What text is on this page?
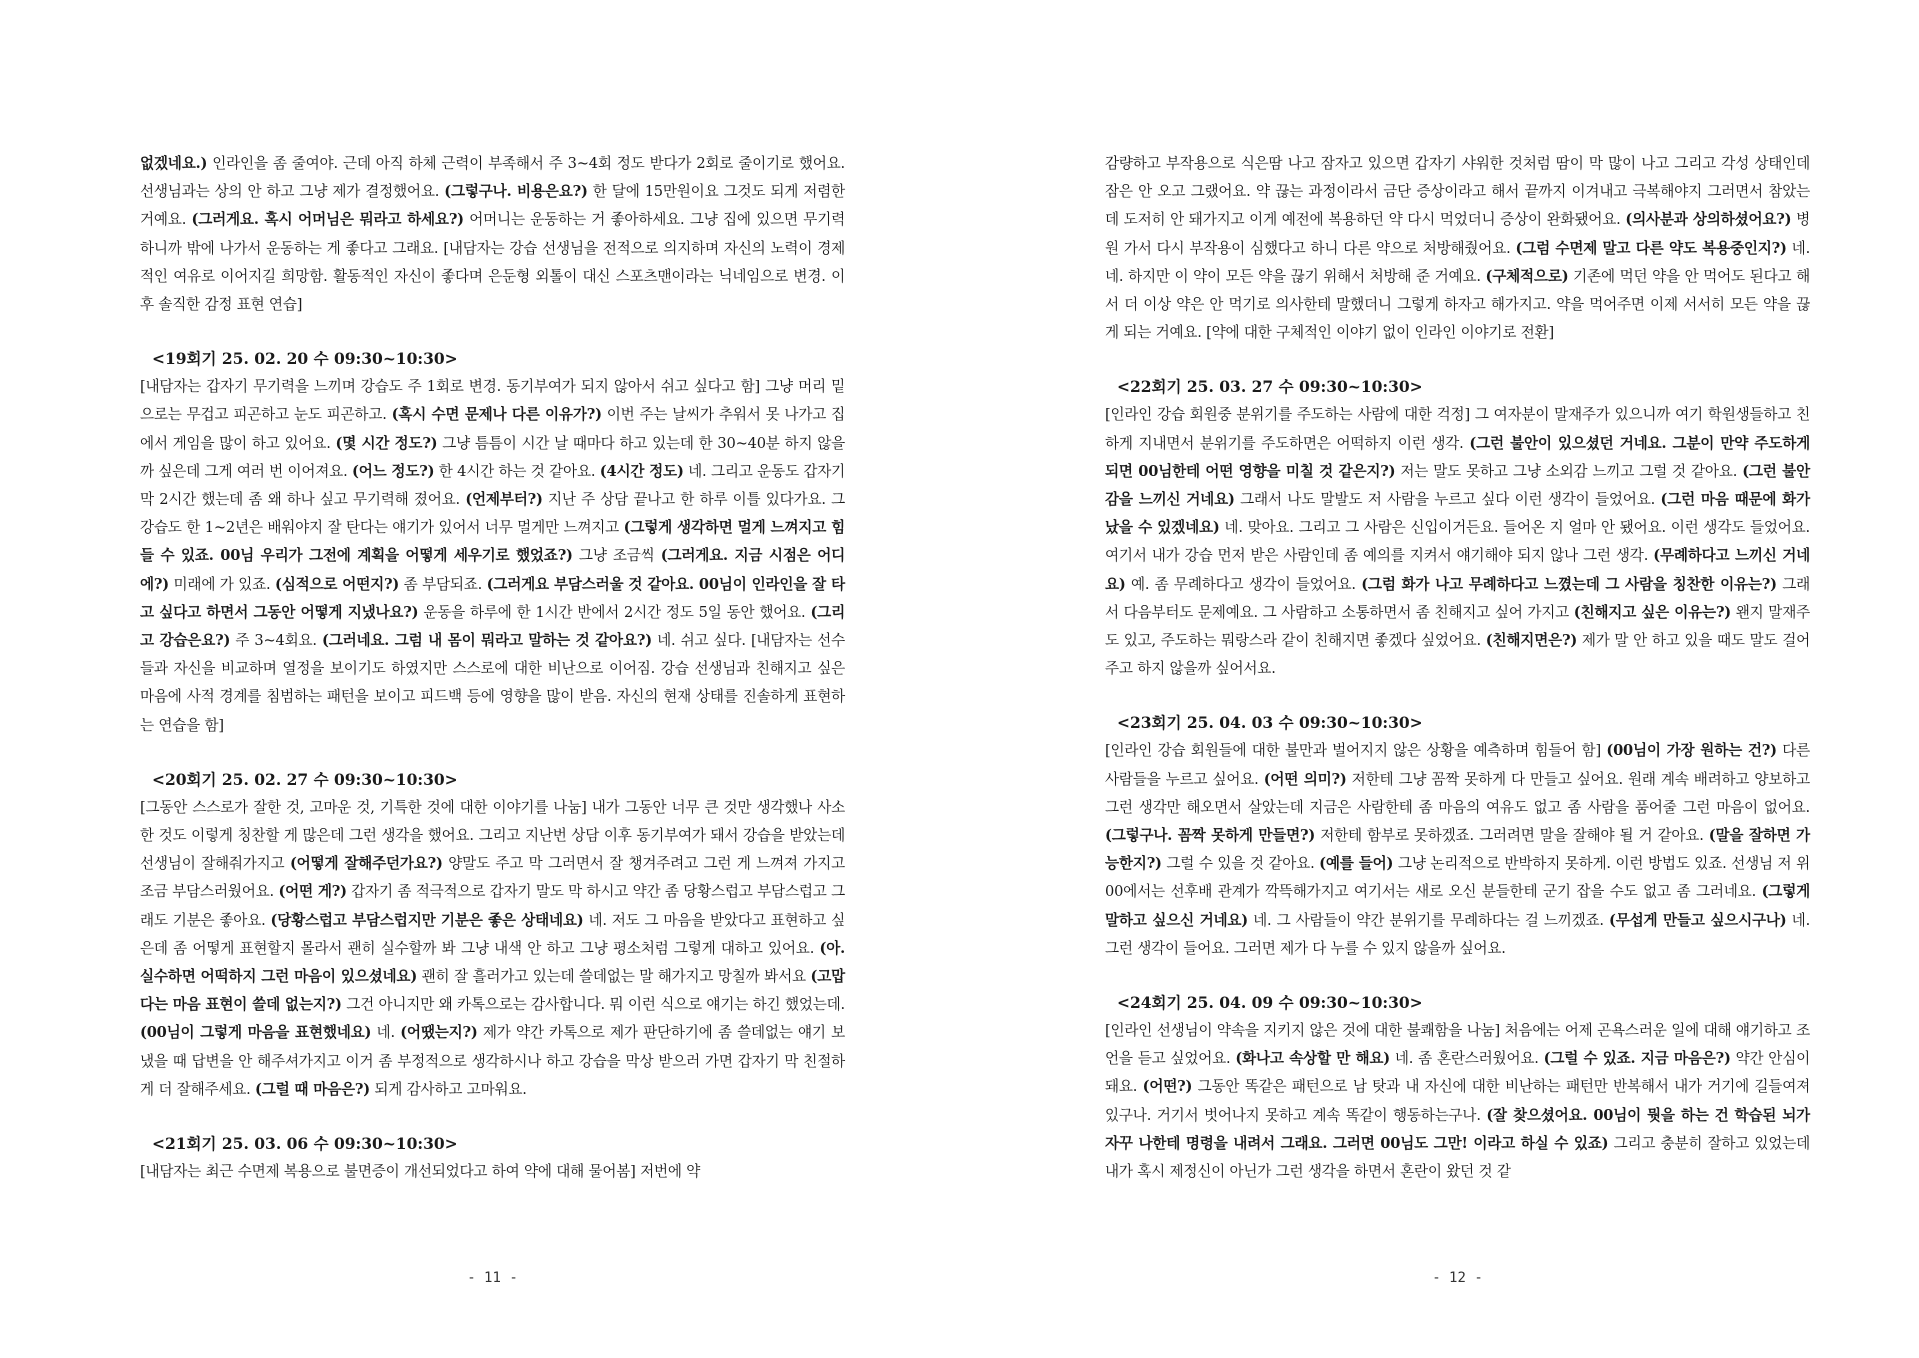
없겠네요.) 인라인을 좀 줄여야. 근데 아직 하체 근력이 부족해서 주 3~4회 정도 받다가 2회로 줄이기로 했어요. 선생님과는 상의 안 하고 그냥 제가 결정했어요. (그렇구나. 비용은요?) 한 달에 15만원이요 그것도 되게 저렴한 거예요. (그러게요. 혹시 어머님은 뭐라고 하세요?) 어머니는 운동하는 거 좋아하세요. 그냥 집에 있으면 무기력하니까 밖에 나가서 운동하는 게 좋다고 그래요. [내담자는 강습 선생님을 전적으로 의지하며 자신의 노력이 경제적인 여유로 이어지길 희망함. 활동적인 자신이 좋다며 은둔형 외톨이 대신 스포츠맨이라는 닉네임으로 변경. 이후 솔직한 감정 표현 연습]

<19회기 25. 02. 20 수 09:30~10:30>

[내담자는 갑자기 무기력을 느끼며 강습도 주 1회로 변경. 동기부여가 되지 않아서 쉬고 싶다고 함] 그냥 머리 밑으로는 무겁고 피곤하고 눈도 피곤하고. (혹시 수면 문제나 다른 이유가?) 이번 주는 날씨가 추워서 못 나가고 집에서 게임을 많이 하고 있어요. (몇 시간 정도?) 그냥 틈틈이 시간 날 때마다 하고 있는데 한 30~40분 하지 않을까 싶은데 그게 여러 번 이어져요. (어느 정도?) 한 4시간 하는 것 같아요. (4시간 정도) 네. 그리고 운동도 갑자기 막 2시간 했는데 좀 왜 하나 싶고 무기력해 졌어요. (언제부터?) 지난 주 상담 끝나고 한 하루 이틀 있다가요. 그 강습도 한 1~2년은 배워야지 잘 탄다는 얘기가 있어서 너무 멀게만 느껴지고 (그렇게 생각하면 멀게 느껴지고 힘들 수 있죠. 00님 우리가 그전에 계획을 어떻게 세우기로 했었죠?) 그냥 조금씩 (그러게요. 지금 시점은 어디에?) 미래에 가 있죠. (심적으로 어떤지?) 좀 부담되죠. (그러게요 부담스러울 것 같아요. 00님이 인라인을 잘 타고 싶다고 하면서 그동안 어떻게 지냈나요?) 운동을 하루에 한 1시간 반에서 2시간 정도 5일 동안 했어요. (그리고 강습은요?) 주 3~4회요. (그러네요. 그럼 내 몸이 뭐라고 말하는 것 같아요?) 네. 쉬고 싶다. [내담자는 선수들과 자신을 비교하며 열정을 보이기도 하였지만 스스로에 대한 비난으로 이어짐. 강습 선생님과 친해지고 싶은 마음에 사적 경계를 침범하는 패턴을 보이고 피드백 등에 영향을 많이 받음. 자신의 현재 상태를 진솔하게 표현하는 연습을 함]

<20회기 25. 02. 27 수 09:30~10:30>

[그동안 스스로가 잘한 것, 고마운 것, 기특한 것에 대한 이야기를 나눔] 내가 그동안 너무 큰 것만 생각했나 사소한 것도 이렇게 칭찬할 게 많은데 그런 생각을 했어요. 그리고 지난번 상담 이후 동기부여가 돼서 강습을 받았는데 선생님이 잘해줘가지고 (어떻게 잘해주던가요?) 양말도 주고 막 그러면서 잘 챙겨주려고 그런 게 느껴져 가지고 조금 부담스러웠어요. (어떤 게?) 갑자기 좀 적극적으로 갑자기 말도 막 하시고 약간 좀 당황스럽고 부담스럽고 그래도 기분은 좋아요. (당황스럽고 부담스럽지만 기분은 좋은 상태네요) 네. 저도 그 마음을 받았다고 표현하고 싶은데 좀 어떻게 표현할지 몰라서 괜히 실수할까 봐 그냥 내색 안 하고 그냥 평소처럼 그렇게 대하고 있어요. (아. 실수하면 어떡하지 그런 마음이 있으셨네요) 괜히 잘 흘러가고 있는데 쓸데없는 말 해가지고 망칠까 봐서요 (고맙다는 마음 표현이 쓸데 없는지?) 그건 아니지만 왜 카톡으로는 감사합니다. 뭐 이런 식으로 얘기는 하긴 했었는데. (00님이 그렇게 마음을 표현했네요) 네. (어땠는지?) 제가 약간 카톡으로 제가 판단하기에 좀 쓸데없는 얘기 보냈을 때 답변을 안 해주셔가지고 이거 좀 부정적으로 생각하시나 하고 강습을 막상 받으러 가면 갑자기 막 친절하게 더 잘해주세요. (그럴 때 마음은?) 되게 감사하고 고마워요.

<21회기 25. 03. 06 수 09:30~10:30>

[내담자는 최근 수면제 복용으로 불면증이 개선되었다고 하여 약에 대해 물어봄] 저번에 약

- 11 -

감량하고 부작용으로 식은땀 나고 잠자고 있으면 갑자기 샤워한 것처럼 땀이 막 많이 나고 그리고 각성 상태인데 잠은 안 오고 그랬어요. 약 끊는 과정이라서 금단 증상이라고 해서 끝까지 이겨내고 극복해야지 그러면서 참았는데 도저히 안 돼가지고 이게 예전에 복용하던 약 다시 먹었더니 증상이 완화됐어요. (의사분과 상의하셨어요?) 병원 가서 다시 부작용이 심했다고 하니 다른 약으로 처방해줬어요. (그럼 수면제 말고 다른 약도 복용중인지?) 네. 네. 하지만 이 약이 모든 약을 끊기 위해서 처방해 준 거예요. (구체적으로) 기존에 먹던 약을 안 먹어도 된다고 해서 더 이상 약은 안 먹기로 의사한테 말했더니 그렇게 하자고 해가지고. 약을 먹어주면 이제 서서히 모든 약을 끊게 되는 거예요. [약에 대한 구체적인 이야기 없이 인라인 이야기로 전환]

<22회기 25. 03. 27 수 09:30~10:30>

[인라인 강습 회원중 분위기를 주도하는 사람에 대한 걱정] 그 여자분이 말재주가 있으니까 여기 학원생들하고 친하게 지내면서 분위기를 주도하면은 어떡하지 이런 생각. (그런 불안이 있으셨던 거네요. 그분이 만약 주도하게 되면 00님한테 어떤 영향을 미칠 것 같은지?) 저는 말도 못하고 그냥 소외감 느끼고 그럴 것 같아요. (그런 불안감을 느끼신 거네요) 그래서 나도 말발도 저 사람을 누르고 싶다 이런 생각이 들었어요. (그런 마음 때문에 화가 났을 수 있겠네요) 네. 맞아요. 그리고 그 사람은 신입이거든요. 들어온 지 얼마 안 됐어요. 이런 생각도 들었어요. 여기서 내가 강습 먼저 받은 사람인데 좀 예의를 지켜서 얘기해야 되지 않나 그런 생각. (무례하다고 느끼신 거네요) 예. 좀 무례하다고 생각이 들었어요. (그럼 화가 나고 무례하다고 느꼈는데 그 사람을 칭찬한 이유는?) 그래서 다음부터도 문제예요. 그 사람하고 소통하면서 좀 친해지고 싶어 가지고 (친해지고 싶은 이유는?) 왠지 말재주도 있고, 주도하는 뭐랑스라 같이 친해지면 좋겠다 싶었어요. (친해지면은?) 제가 말 안 하고 있을 때도 말도 걸어주고 하지 않을까 싶어서요.

<23회기 25. 04. 03 수 09:30~10:30>

[인라인 강습 회원들에 대한 불만과 벌어지지 않은 상황을 예측하며 힘들어 함] (00님이 가장 원하는 건?) 다른 사람들을 누르고 싶어요. (어떤 의미?) 저한테 그냥 꼼짝 못하게 다 만들고 싶어요. 원래 계속 배려하고 양보하고 그런 생각만 해오면서 살았는데 지금은 사람한테 좀 마음의 여유도 없고 좀 사람을 품어줄 그런 마음이 없어요. (그렇구나. 꼼짝 못하게 만들면?) 저한테 함부로 못하겠죠. 그러려면 말을 잘해야 될 거 같아요. (말을 잘하면 가능한지?) 그럴 수 있을 것 같아요. (예를 들어) 그냥 논리적으로 반박하지 못하게. 이런 방법도 있죠. 선생님 저 위00에서는 선후배 관계가 깍뜩해가지고 여기서는 새로 오신 분들한테 군기 잡을 수도 없고 좀 그러네요. (그렇게 말하고 싶으신 거네요) 네. 그 사람들이 약간 분위기를 무례하다는 걸 느끼겠죠. (무섭게 만들고 싶으시구나) 네. 그런 생각이 들어요. 그러면 제가 다 누를 수 있지 않을까 싶어요.

<24회기 25. 04. 09 수 09:30~10:30>

[인라인 선생님이 약속을 지키지 않은 것에 대한 불쾌함을 나눔] 처음에는 어제 곤욕스러운 일에 대해 얘기하고 조언을 듣고 싶었어요. (화나고 속상할 만 해요) 네. 좀 혼란스러웠어요. (그럴 수 있죠. 지금 마음은?) 약간 안심이 돼요. (어떤?) 그동안 똑같은 패턴으로 남 탓과 내 자신에 대한 비난하는 패턴만 반복해서 내가 거기에 길들여져 있구나. 거기서 벗어나지 못하고 계속 똑같이 행동하는구나. (잘 찾으셨어요. 00님이 뭣을 하는 건 학습된 뇌가 자꾸 나한테 명령을 내려서 그래요. 그러면 00님도 그만! 이라고 하실 수 있죠) 그리고 충분히 잘하고 있었는데 내가 혹시 제정신이 아닌가 그런 생각을 하면서 혼란이 왔던 것 같

- 12 -
